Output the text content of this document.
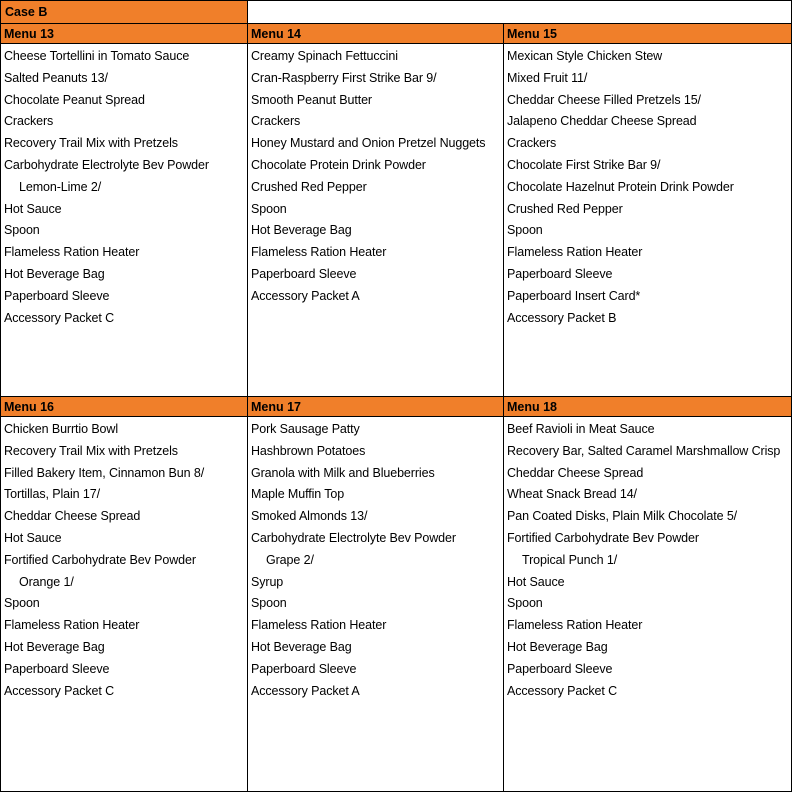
Case B
Menu 13
Cheese Tortellini in Tomato Sauce
Salted Peanuts 13/
Chocolate Peanut Spread
Crackers
Recovery Trail Mix with Pretzels
Carbohydrate Electrolyte Bev Powder
Lemon-Lime 2/
Hot Sauce
Spoon
Flameless Ration Heater
Hot Beverage Bag
Paperboard Sleeve
Accessory Packet C
Menu 14
Creamy Spinach Fettuccini
Cran-Raspberry First Strike Bar 9/
Smooth Peanut Butter
Crackers
Honey Mustard and Onion Pretzel Nuggets
Chocolate Protein Drink Powder
Crushed Red Pepper
Spoon
Hot Beverage Bag
Flameless Ration Heater
Paperboard Sleeve
Accessory Packet A
Menu 15
Mexican Style Chicken Stew
Mixed Fruit 11/
Cheddar Cheese Filled Pretzels 15/
Jalapeno Cheddar Cheese Spread
Crackers
Chocolate First Strike Bar 9/
Chocolate Hazelnut Protein Drink Powder
Crushed Red Pepper
Spoon
Flameless Ration Heater
Paperboard Sleeve
Paperboard Insert Card*
Accessory Packet B
Menu 16
Chicken Burrtio Bowl
Recovery Trail Mix with Pretzels
Filled Bakery Item, Cinnamon Bun 8/
Tortillas, Plain 17/
Cheddar Cheese Spread
Hot Sauce
Fortified Carbohydrate Bev Powder
Orange 1/
Spoon
Flameless Ration Heater
Hot Beverage Bag
Paperboard Sleeve
Accessory Packet C
Menu 17
Pork Sausage Patty
Hashbrown Potatoes
Granola with Milk and Blueberries
Maple Muffin Top
Smoked Almonds 13/
Carbohydrate Electrolyte Bev Powder
Grape 2/
Syrup
Spoon
Flameless Ration Heater
Hot Beverage Bag
Paperboard Sleeve
Accessory Packet A
Menu 18
Beef Ravioli in Meat Sauce
Recovery Bar, Salted Caramel Marshmallow Crisp
Cheddar Cheese Spread
Wheat Snack Bread 14/
Pan Coated Disks, Plain Milk Chocolate 5/
Fortified Carbohydrate Bev Powder
Tropical Punch 1/
Hot Sauce
Spoon
Flameless Ration Heater
Hot Beverage Bag
Paperboard Sleeve
Accessory Packet C
